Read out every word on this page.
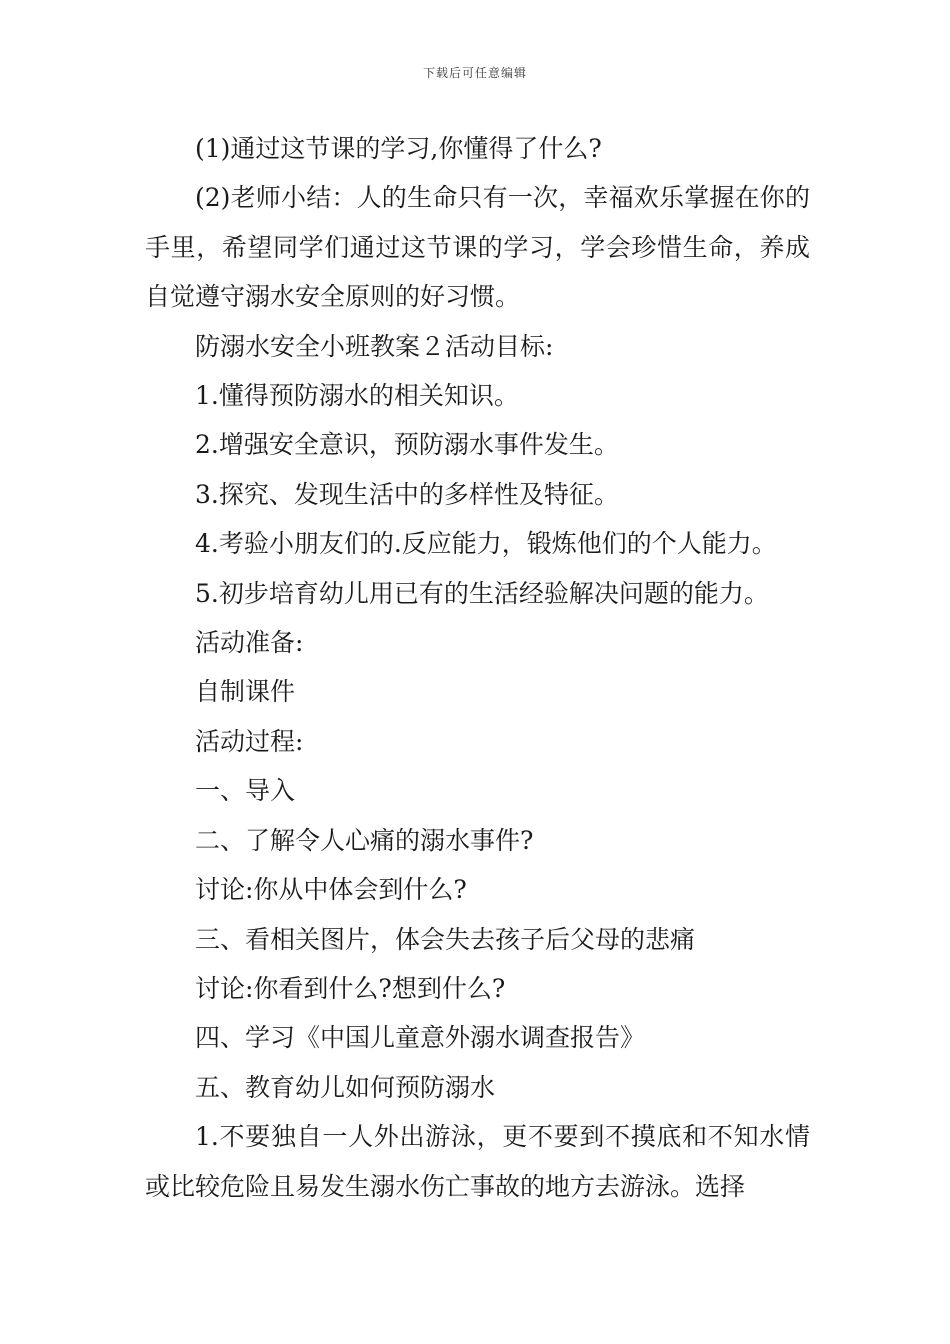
下载后可任意编辑

(1)通过这节课的学习,你懂得了什么?

(2)老师小结：人的生命只有一次，幸福欢乐掌握在你的手里，希望同学们通过这节课的学习，学会珍惜生命，养成自觉遵守溺水安全原则的好习惯。

防溺水安全小班教案２活动目标:

1.懂得预防溺水的相关知识。

2.增强安全意识，预防溺水事件发生。

3.探究、发现生活中的多样性及特征。

4.考验小朋友们的.反应能力，锻炼他们的个人能力。

5.初步培育幼儿用已有的生活经验解决问题的能力。

活动准备:

自制课件

活动过程:

一、导入

二、了解令人心痛的溺水事件?

讨论:你从中体会到什么?

三、看相关图片，体会失去孩子后父母的悲痛

讨论:你看到什么?想到什么?

四、学习《中国儿童意外溺水调查报告》

五、教育幼儿如何预防溺水

1.不要独自一人外出游泳，更不要到不摸底和不知水情或比较危险且易发生溺水伤亡事故的地方去游泳。选择
